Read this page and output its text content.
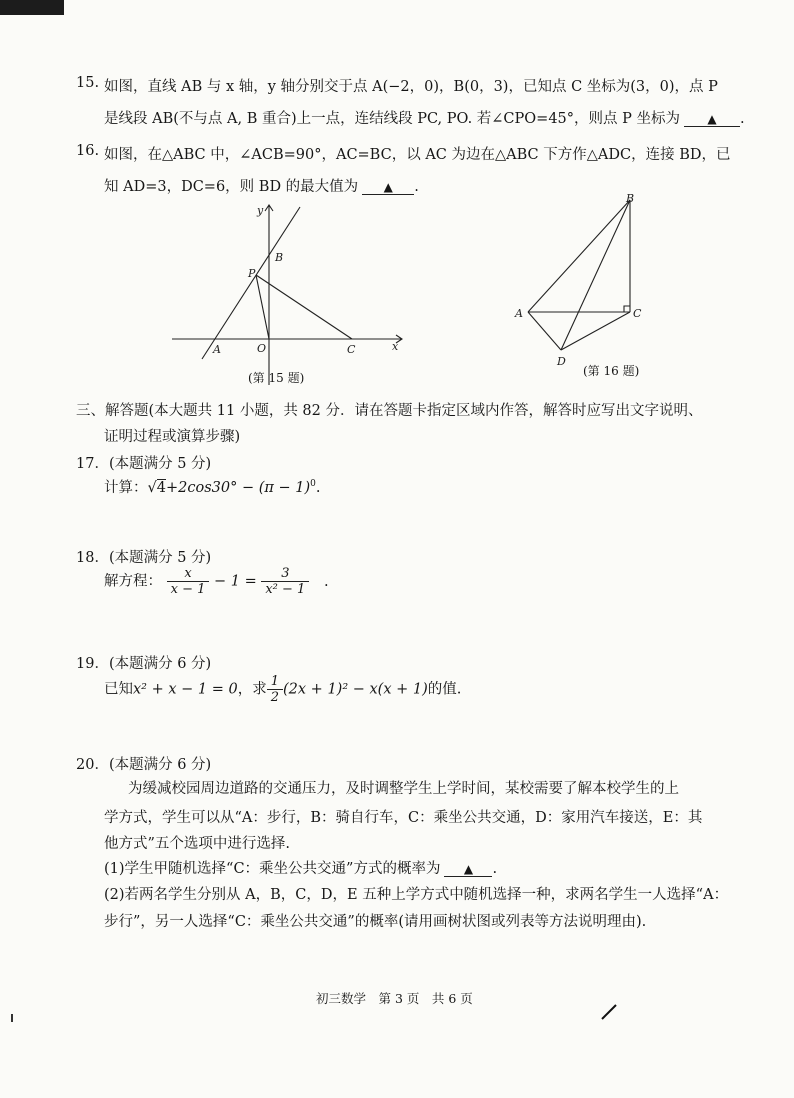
15. 如图，直线 AB 与 x 轴，y 轴分别交于点 A(−2，0)，B(0，3)，已知点 C 坐标为(3，0)，点 P
是线段 AB(不与点 A, B 重合)上一点，连结线段 PC, PO. 若∠CPO=45°，则点 P 坐标为 ▲ .
16. 如图，在△ABC 中，∠ACB=90°，AC=BC，以 AC 为边在△ABC 下方作△ADC，连接 BD，已
知 AD=3，DC=6，则 BD 的最大值为 ▲ .
y
x
B
P
O
A	C
(第 15 题)
B
A	C
D
(第 16 题)
三、解答题(本大题共 11 小题，共 82 分．请在答题卡指定区域内作答，解答时应写出文字说明、
证明过程或演算步骤)
17．(本题满分 5 分)
计算：$√4+2\cos 30^\circ - (\pi - 1)^0$.
18．(本题满分 5 分)
解方程： $\frac{x}{x - 1} - 1 = \frac{3}{\text{x² − 1}}$ .
19．(本题满分 6 分)
已知x² + x − 1 = 0，求 $\frac{1}{2} (2x + 1)^2 - x(x + 1)$的值.
20．(本题满分 6 分)
为缓减校园周边道路的交通压力，及时调整学生上学时间，某校需要了解本校学生的上
学方式，学生可以从“A：步行，B：骑自行车，C：乘坐公共交通，D：家用汽车接送，E：其
他方式”五个选项中进行选择.
(1)学生甲随机选择“C：乘坐公共交通”方式的概率为 ▲ .
(2)若两名学生分别从 A，B，C，D，E 五种上学方式中随机选择一种，求两名学生一人选择“A：
步行”，另一人选择“C：乘坐公共交通”的概率(请用画树状图或列表等方法说明理由).
初三数学　第 3 页　共 6 页
